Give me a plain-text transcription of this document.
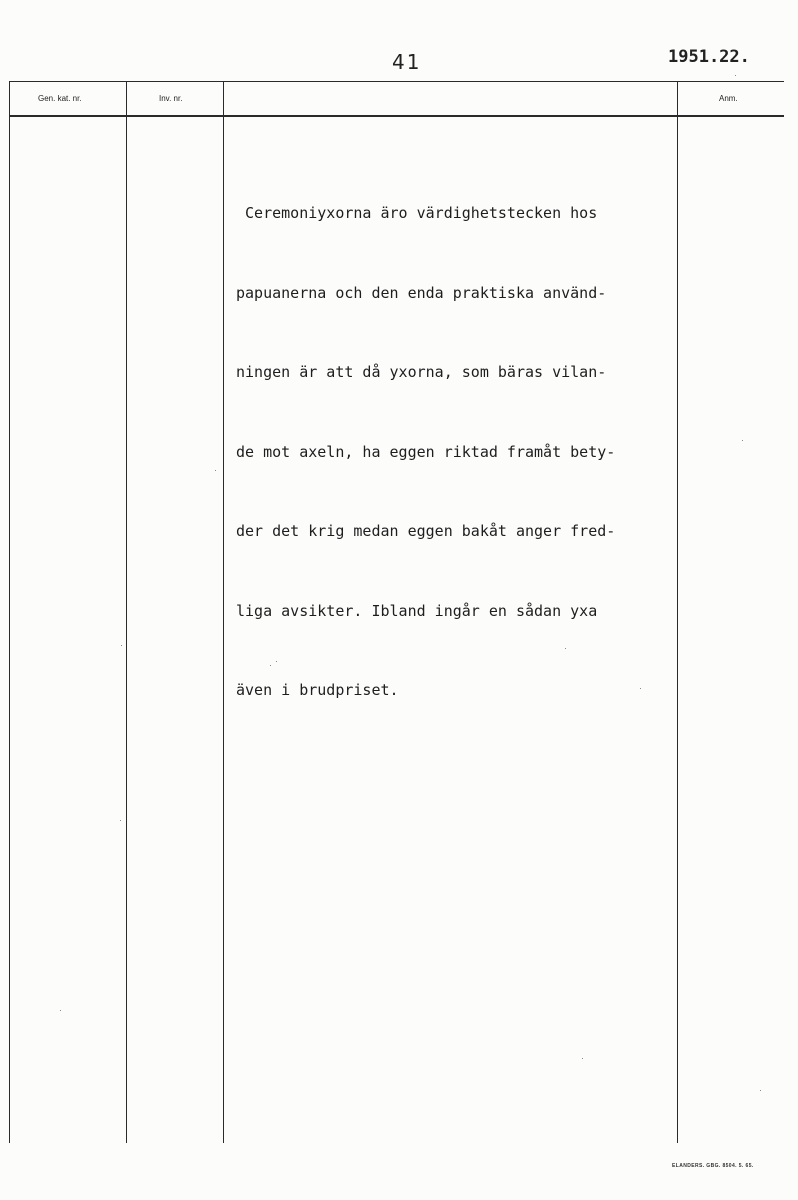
41	1951.22.
Gen. kat. nr.	Inv. nr.	Anm.

Ceremoniyxorna äro värdighetstecken hos

papuanerna och den enda praktiska använd-

ningen är att då yxorna, som bäras vilan-

de mot axeln, ha eggen riktad framåt bety-

der det krig medan eggen bakåt anger fred-

liga avsikter. Ibland ingår en sådan yxa

även i brudpriset.

ELANDERS. GBG. 8504. 5. 65.
